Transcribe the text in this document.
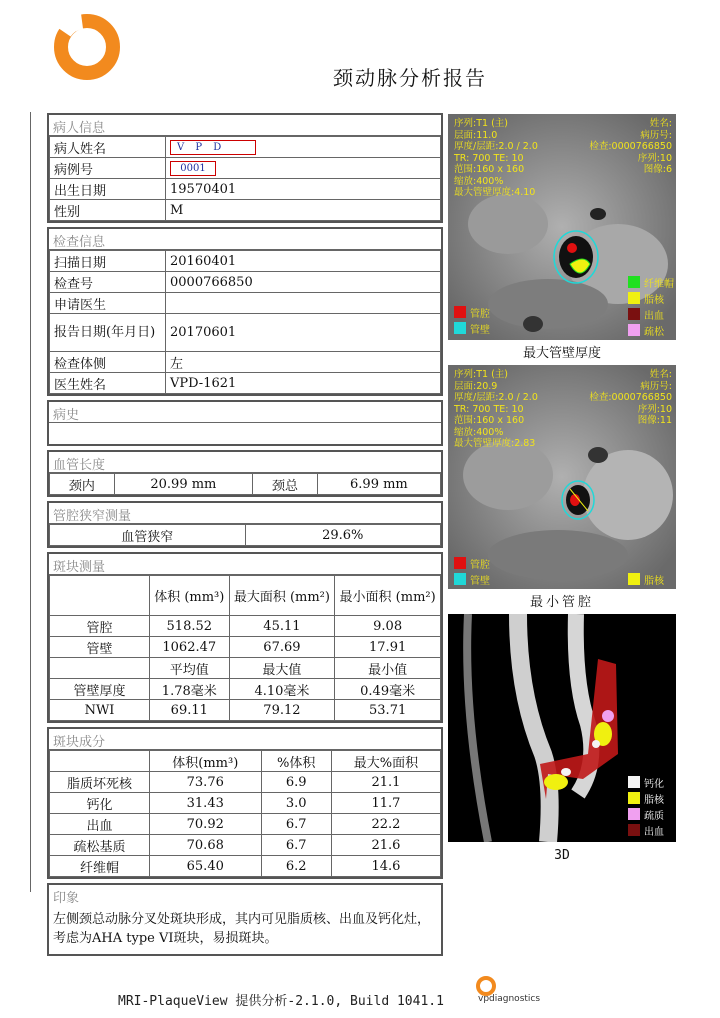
颈动脉分析报告
病人信息
病人姓名	V P D
病例号	0001
出生日期	19570401
性别	M
检查信息
扫描日期	20160401
检查号	0000766850
申请医生	
报告日期(年月日)	20170601
检查体侧	左
医生姓名	VPD-1621
病史
血管长度
颈内	20.99 mm	颈总	6.99 mm
管腔狭窄测量
血管狭窄	29.6%
斑块测量
	体积 (mm³)	最大面积 (mm²)	最小面积 (mm²)
管腔	518.52	45.11	9.08
管壁	1062.47	67.69	17.91
	平均值	最大值	最小值
管壁厚度	1.78毫米	4.10毫米	0.49毫米
NWI	69.11	79.12	53.71
斑块成分
	体积(mm³)	%体积	最大%面积
脂质坏死核	73.76	6.9	21.1
钙化	31.43	3.0	11.7
出血	70.92	6.7	22.2
疏松基质	70.68	6.7	21.6
纤维帽	65.40	6.2	14.6
印象
左侧颈总动脉分叉处斑块形成，其内可见脂质核、出血及钙化灶，考虑为AHA type VI斑块，易损斑块。
序列:T1 (主)
层面:11.0
厚度/层距:2.0 / 2.0
TR: 700 TE: 10
范围:160 x 160
缩放:400%
最大管壁厚度:4.10
姓名:
病历号:
检查:0000766850
序列:10
图像:6
管腔
管壁
纤维帽
脂核
出血
疏松
最大管壁厚度
序列:T1 (主)
层面:20.9
厚度/层距:2.0 / 2.0
TR: 700 TE: 10
范围:160 x 160
缩放:400%
最大管壁厚度:2.83
姓名:
病历号:
检查:0000766850
序列:10
图像:11
管腔
管壁	脂核
最小管腔
钙化
脂核
疏质
出血
3D
MRI-PlaqueView 提供分析-2.1.0, Build 1041.1	vpdiagnostics
